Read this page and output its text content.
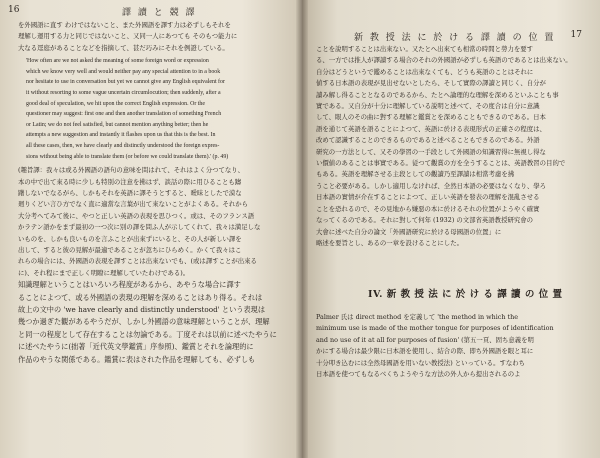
16	譯 讀 と 競 譯

を外國語に直す わけではないこと、また外國語を譯す力は必ずしもそれを
理解し運用する力と同じではないこと、又同一人にあつても そのもつ能力に
大なる逕庭があることなどを指摘して、甚だ巧みにそれを例證している。

'How often are we not asked the meaning of some foreign word or expression
which we know very well and would neither pay any special attention to in a book
nor hesitate to use in conversation but yet we cannot give any English equivalent for
it without resorting to some vague uncertain circumlocution; then suddenly, after a
good deal of speculation, we hit upon the correct English expression. Or the
questioner may suggest: first one and then another translation of something French
or Latin; we do not feel satisfied, but cannot mention anything better; then he
attempts a new suggestion and instantly it flashes upon us that this is the best. In
all these cases, then, we have clearly and distinctly understood the foreign expres-
sions without being able to translate them (or before we could translate them).' (p. 49)

(趣旨譯：我々は或る外國語の語句の意味を問はれて、それはよく分つてなり、
本の中で出て來る時に少しも特別の注意を拂はず、談話の際に用ひることも躊
躇しないでなるがら、しかもそれを英語に譯そうとすると、曖昧としたで漠な
廻りくどい言ひ方でなく直に適當な言葉が出て來ないことがよくある。それから
大分考へてみて後に、やつと正しい英語の表現を思ひつく。或は、そのフランス語
かラテン語かをまず最初の一つ次に別の譯を問ふ人が示してくれて、我々は満足しな
いものを、しかも良いものを言ふことが出來ずにいると、その人が新しい譯を
出して、すると彼の見解が最適であることが忽ちにひらめく。かくて我々はこ
れらの場合には、外國語の表現を譯すことは出來ないでも、(或は譯すことが出來る
に)、それ程にまで正しく明瞭に理解していたわけである)。

知識理解ということはいろいろ程度があるから、あやうな場合に譯す
ることによつて、或る外國語の表現の理解を深めることはあり得る。それは
故上の文中の 'we have clearly and distinctly understood' という表現は
幾つか過ぎた觀があるやうだが、しかし外國語の意味理解ということが、理解
と同一の程度として存在することは勿論である。丁度それは以前に述べたやうに
に述べたやうに(拙著「近代英文學鑑賞」序参照)、鑑賞とそれを論理的に
作品のやうな関係である。鑑賞に表はされた作品を理解しても、必ずしも

新 教 授 法 に 於 け る 譯 讀 の 位 置 17

ことを說明することは出來ない。又たとへ出來ても相當の時間と勞力を要す
る、一方では推人が譯讀する場合のそれの外國語が必ずしも英語のであるとは出來ない。
自分はどうというで鑑めることは出來なくても、どうも英語のことはそれに
値する日本語の表現が見出せないとしたら、そして實際の譯讀と同じく、自分が
讀み解し得ることとなるのであるから、たとへ論理的な理解を深めるといふことも事
實である。又自分が十分に理解している説明と述べて、その度合は自分に意識
して、眼人のその曲に對する理解と鑑賞とを深めることもできるのである。日本
語を通じて英語を語ることによつて、英語に於ける表現形式の正確さの程度は、
改めて認識することのできるものであると述べることもできるのである。外語
研究の一方法として、又その學習の一手段として外國語の知識習得に無視し得な
い價値のあることは事實である。従つて觀賞の方を全うすることは、英語教習の目的で
もある。英語を理解させる主段としての觀讀乃至譯讀は相當考慮を拂
うこと必要がある。しかし適用しなければ、全然日本語の必要はなくなり、學ろ
日本語の實情が介在することによつて、正しい英語を發表の理解を混亂させる
ことを恐れるので、その見地から嫌惡の本に於けるそれの位置がようやく確實
なってくるのである。それに對して何年 (1932) の文部省英語教授研究會の
大會に述べた自分の論文「外國語研究に於ける母國語の位置」に
略述を要旨とし、あるの一章を設けることにした。

IV. 新 教 授 法 に 於 け る 譯 讀 の 位 置

Palmer 氏は direct method を定義して 'the method in which the
minimum use is made of the mother tongue for purposes of identification
and no use of it at all for purposes of fusion' (第五一頁、固ち意義を明
かにする場合は最少限に日本語を使用し、結合の際、即ち外國語を眼と耳に
十分叩き込むには全然母國語を用いない教授法) といっている。すなわち
日本語を使つてもなるべくちようやうな方法の外人から提出されるのよ
